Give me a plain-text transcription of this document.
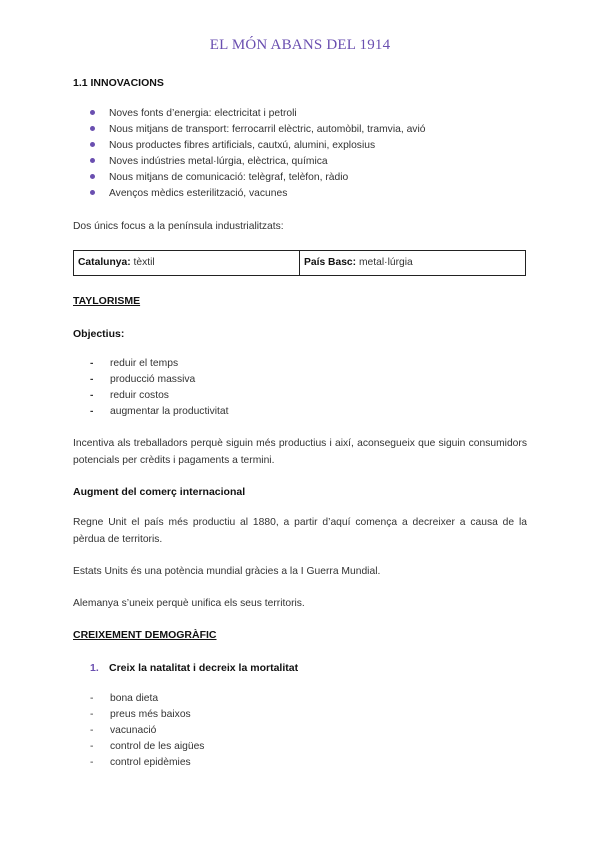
EL MÓN ABANS DEL 1914
1.1 INNOVACIONS
Noves fonts d’energia: electricitat i petroli
Nous mitjans de transport: ferrocarril elèctric, automòbil, tramvia, avió
Nous productes fibres artificials, cautxú, alumini, explosius
Noves indústries metal·lúrgia, elèctrica, química
Nous mitjans de comunicació: telègraf, telèfon, ràdio
Avenços mèdics esterilització, vacunes
Dos únics focus a la península industrialitzats:
Catalunya: tèxtil	País Basc: metal·lúrgia
TAYLORISME
Objectius:
- reduir el temps
- producció massiva
- reduir costos
- augmentar la productivitat
Incentiva als treballadors perquè siguin més productius i així, aconsegueix que siguin consumidors potencials per crèdits i pagaments a termini.
Augment del comerç internacional
Regne Unit el país més productiu al 1880, a partir d’aquí comença a decreixer a causa de la pèrdua de territoris.
Estats Units és una potència mundial gràcies a la I Guerra Mundial.
Alemanya s’uneix perquè unifica els seus territoris.
CREIXEMENT DEMOGRÀFIC
1. Creix la natalitat i decreix la mortalitat
- bona dieta
- preus més baixos
- vacunació
- control de les aigües
- control epidèmies
